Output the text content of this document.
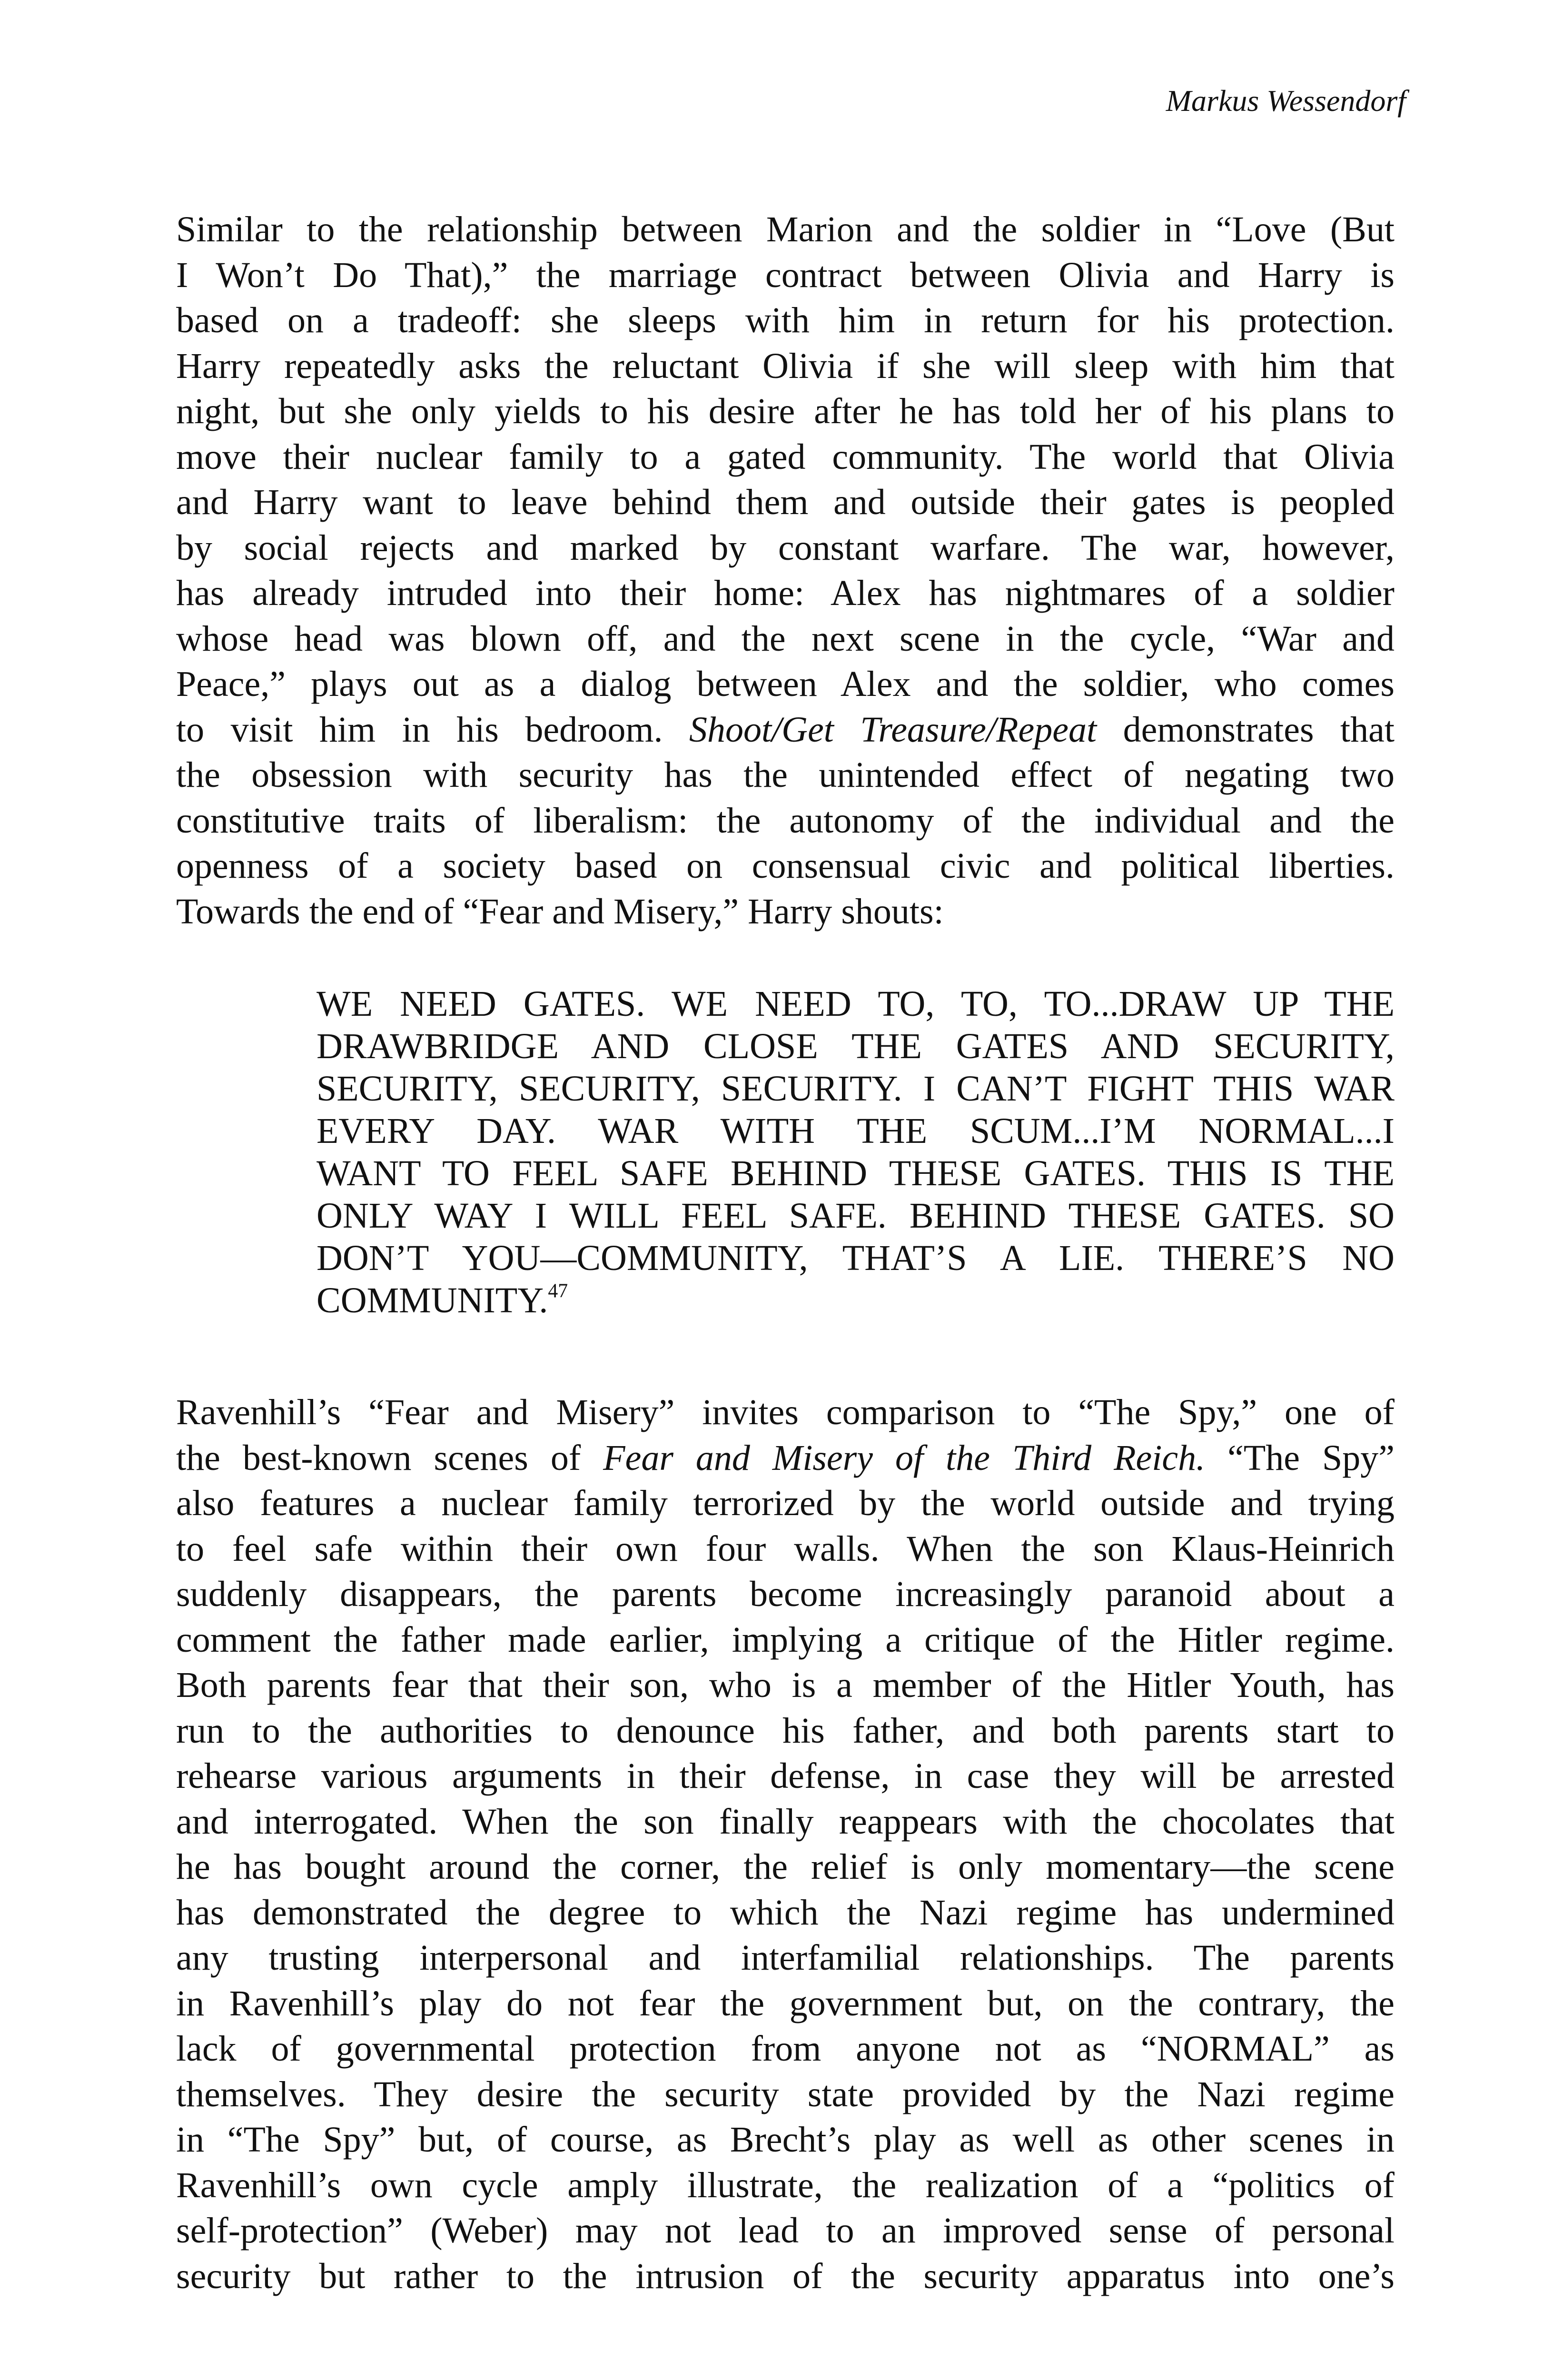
Markus Wessendorf
Similar to the relationship between Marion and the soldier in “Love (But
I Won’t Do That),” the marriage contract between Olivia and Harry is
based on a tradeoff: she sleeps with him in return for his protection.
Harry repeatedly asks the reluctant Olivia if she will sleep with him that
night, but she only yields to his desire after he has told her of his plans to
move their nuclear family to a gated community. The world that Olivia
and Harry want to leave behind them and outside their gates is peopled
by social rejects and marked by constant warfare. The war, however,
has already intruded into their home: Alex has nightmares of a soldier
whose head was blown off, and the next scene in the cycle, “War and
Peace,” plays out as a dialog between Alex and the soldier, who comes
to visit him in his bedroom. Shoot/Get Treasure/Repeat demonstrates that
the obsession with security has the unintended effect of negating two
constitutive traits of liberalism: the autonomy of the individual and the
openness of a society based on consensual civic and political liberties.
Towards the end of “Fear and Misery,” Harry shouts:
WE NEED GATES. WE NEED TO, TO, TO...DRAW UP THE
DRAWBRIDGE AND CLOSE THE GATES AND SECURITY,
SECURITY, SECURITY, SECURITY. I CAN’T FIGHT THIS WAR
EVERY DAY. WAR WITH THE SCUM...I’M NORMAL...I
WANT TO FEEL SAFE BEHIND THESE GATES. THIS IS THE
ONLY WAY I WILL FEEL SAFE. BEHIND THESE GATES. SO
DON’T YOU—COMMUNITY, THAT’S A LIE. THERE’S NO
COMMUNITY.$^{47}$
Ravenhill’s “Fear and Misery” invites comparison to “The Spy,” one of
the best-known scenes of Fear and Misery of the Third Reich. “The Spy”
also features a nuclear family terrorized by the world outside and trying
to feel safe within their own four walls. When the son Klaus-Heinrich
suddenly disappears, the parents become increasingly paranoid about a
comment the father made earlier, implying a critique of the Hitler regime.
Both parents fear that their son, who is a member of the Hitler Youth, has
run to the authorities to denounce his father, and both parents start to
rehearse various arguments in their defense, in case they will be arrested
and interrogated. When the son finally reappears with the chocolates that
he has bought around the corner, the relief is only momentary—the scene
has demonstrated the degree to which the Nazi regime has undermined
any trusting interpersonal and interfamilial relationships. The parents
in Ravenhill’s play do not fear the government but, on the contrary, the
lack of governmental protection from anyone not as “NORMAL” as
themselves. They desire the security state provided by the Nazi regime
in “The Spy” but, of course, as Brecht’s play as well as other scenes in
Ravenhill’s own cycle amply illustrate, the realization of a “politics of
self-protection” (Weber) may not lead to an improved sense of personal
security but rather to the intrusion of the security apparatus into one’s
